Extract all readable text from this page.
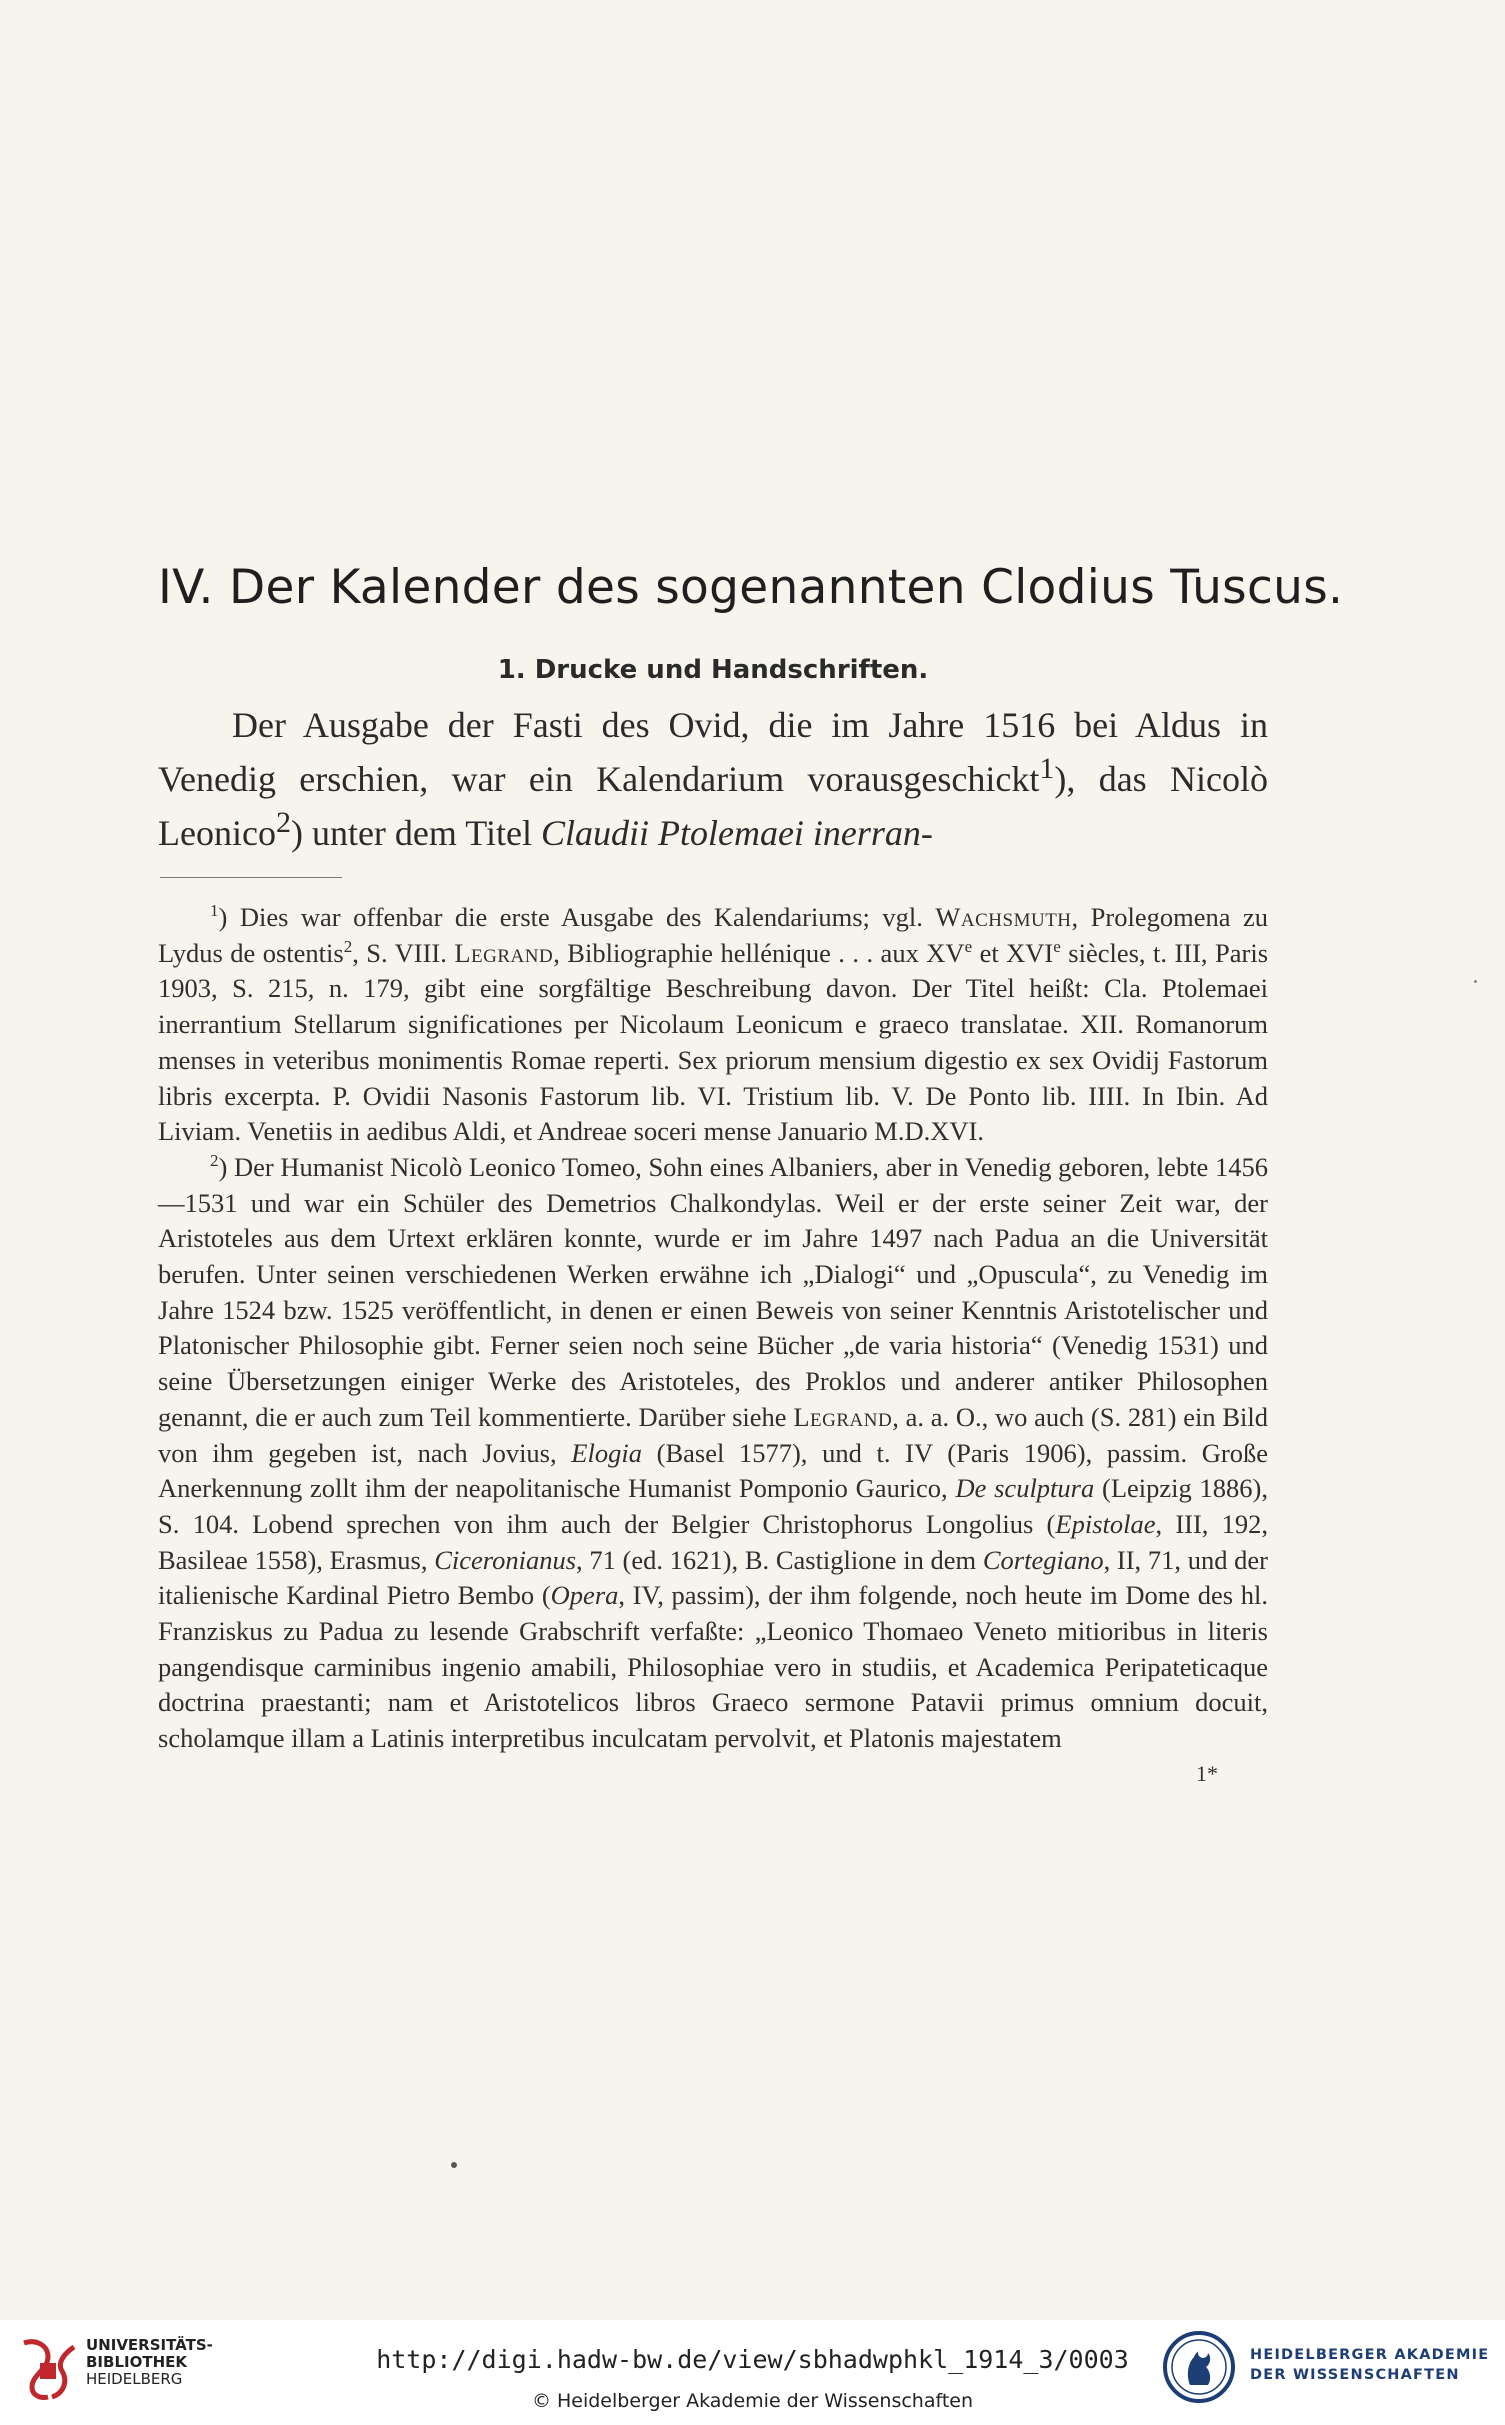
IV. Der Kalender des sogenannten Clodius Tuscus.
1. Drucke und Handschriften.

Der Ausgabe der Fasti des Ovid, die im Jahre 1516 bei Aldus in Venedig erschien, war ein Kalendarium vorausgeschickt$^1$), das Nicolò Leonico$^2$) unter dem Titel Claudii Ptolemaei inerran-

$^1$) Dies war offenbar die erste Ausgabe des Kalendariums; vgl. Wachsmuth, Prolegomena zu Lydus de ostentis$^2$, S. VIII. Legrand, Bibliographie hellénique . . . aux XVe et XVIe siècles, t. III, Paris 1903, S. 215, n. 179, gibt eine sorgfältige Beschreibung davon. Der Titel heißt: Cla. Ptolemaei inerrantium Stellarum significationes per Nicolaum Leonicum e graeco translatae. XII. Romanorum menses in veteribus monimentis Romae reperti. Sex priorum mensium digestio ex sex Ovidij Fastorum libris excerpta. P. Ovidii Nasonis Fastorum lib. VI. Tristium lib. V. De Ponto lib. IIII. In Ibin. Ad Liviam. Venetiis in aedibus Aldi, et Andreae soceri mense Januario M.D.XVI.

$^2$) Der Humanist Nicolò Leonico Tomeo, Sohn eines Albaniers, aber in Venedig geboren, lebte 1456—1531 und war ein Schüler des Demetrios Chalkondylas. Weil er der erste seiner Zeit war, der Aristoteles aus dem Urtext erklären konnte, wurde er im Jahre 1497 nach Padua an die Universität berufen. Unter seinen verschiedenen Werken erwähne ich „Dialogi“ und „Opuscula“, zu Venedig im Jahre 1524 bzw. 1525 veröffentlicht, in denen er einen Beweis von seiner Kenntnis Aristotelischer und Platonischer Philosophie gibt. Ferner seien noch seine Bücher „de varia historia“ (Venedig 1531) und seine Übersetzungen einiger Werke des Aristoteles, des Proklos und anderer antiker Philosophen genannt, die er auch zum Teil kommentierte. Darüber siehe Legrand, a. a. O., wo auch (S. 281) ein Bild von ihm gegeben ist, nach Jovius, Elogia (Basel 1577), und t. IV (Paris 1906), passim. Große Anerkennung zollt ihm der neapolitanische Humanist Pomponio Gaurico, De sculptura (Leipzig 1886), S. 104. Lobend sprechen von ihm auch der Belgier Christophorus Longolius (Epistolae, III, 192, Basileae 1558), Erasmus, Ciceronianus, 71 (ed. 1621), B. Castiglione in dem Cortegiano, II, 71, und der italienische Kardinal Pietro Bembo (Opera, IV, passim), der ihm folgende, noch heute im Dome des hl. Franziskus zu Padua zu lesende Grabschrift verfaßte: „Leonico Thomaeo Veneto mitioribus in literis pangendisque carminibus ingenio amabili, Philosophiae vero in studiis, et Academica Peripateticaque doctrina praestanti; nam et Aristotelicos libros Graeco sermone Patavii primus omnium docuit, scholamque illam a Latinis interpretibus inculcatam pervolvit, et Platonis majestatem

1*
UNIVERSITÄTS-
BIBLIOTHEK
HEIDELBERG
http://digi.hadw-bw.de/view/sbhadwphkl_1914_3/0003
© Heidelberger Akademie der Wissenschaften
HEIDELBERGER AKADEMIE
DER WISSENSCHAFTEN
